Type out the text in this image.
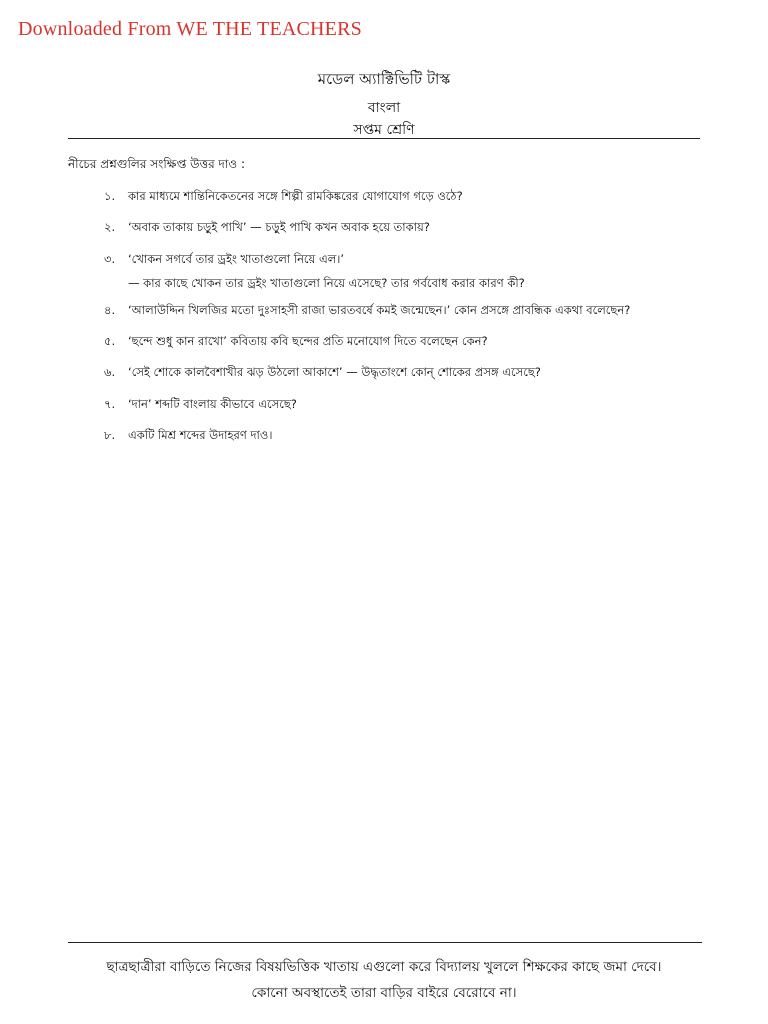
Downloaded From WE THE TEACHERS
মডেল অ্যাক্টিভিটি টাস্ক
বাংলা
সপ্তম শ্রেণি
নীচের প্রশ্নগুলির সংক্ষিপ্ত উত্তর দাও :
১. কার মাধ্যমে শান্তিনিকেতনের সঙ্গে শিল্পী রামকিঙ্করের যোগাযোগ গড়ে ওঠে?
২. ‘অবাক তাকায় চড়ুই পাখি’ — চড়ুই পাখি কখন অবাক হয়ে তাকায়?
৩. ‘খোকন সগর্বে তার ড্রইং খাতাগুলো নিয়ে এল।’
— কার কাছে খোকন তার ড্রইং খাতাগুলো নিয়ে এসেছে? তার গর্ববোধ করার কারণ কী?
৪. ‘আলাউদ্দিন খিলজির মতো দুঃসাহসী রাজা ভারতবর্ষে কমই জন্মেছেন।’ কোন প্রসঙ্গে প্রাবন্ধিক একথা বলেছেন?
৫. ‘ছন্দে শুধু কান রাখো’ কবিতায় কবি ছন্দের প্রতি মনোযোগ দিতে বলেছেন কেন?
৬. ‘সেই শোকে কালবৈশাখীর ঝড় উঠলো আকাশে’ — উদ্ধৃতাংশে কোন্ শোকের প্রসঙ্গ এসেছে?
৭. ‘দান’ শব্দটি বাংলায় কীভাবে এসেছে?
৮. একটি মিশ্র শব্দের উদাহরণ দাও।
ছাত্রছাত্রীরা বাড়িতে নিজের বিষয়ভিত্তিক খাতায় এগুলো করে বিদ্যালয় খুললে শিক্ষকের কাছে জমা দেবে।
কোনো অবস্থাতেই তারা বাড়ির বাইরে বেরোবে না।
